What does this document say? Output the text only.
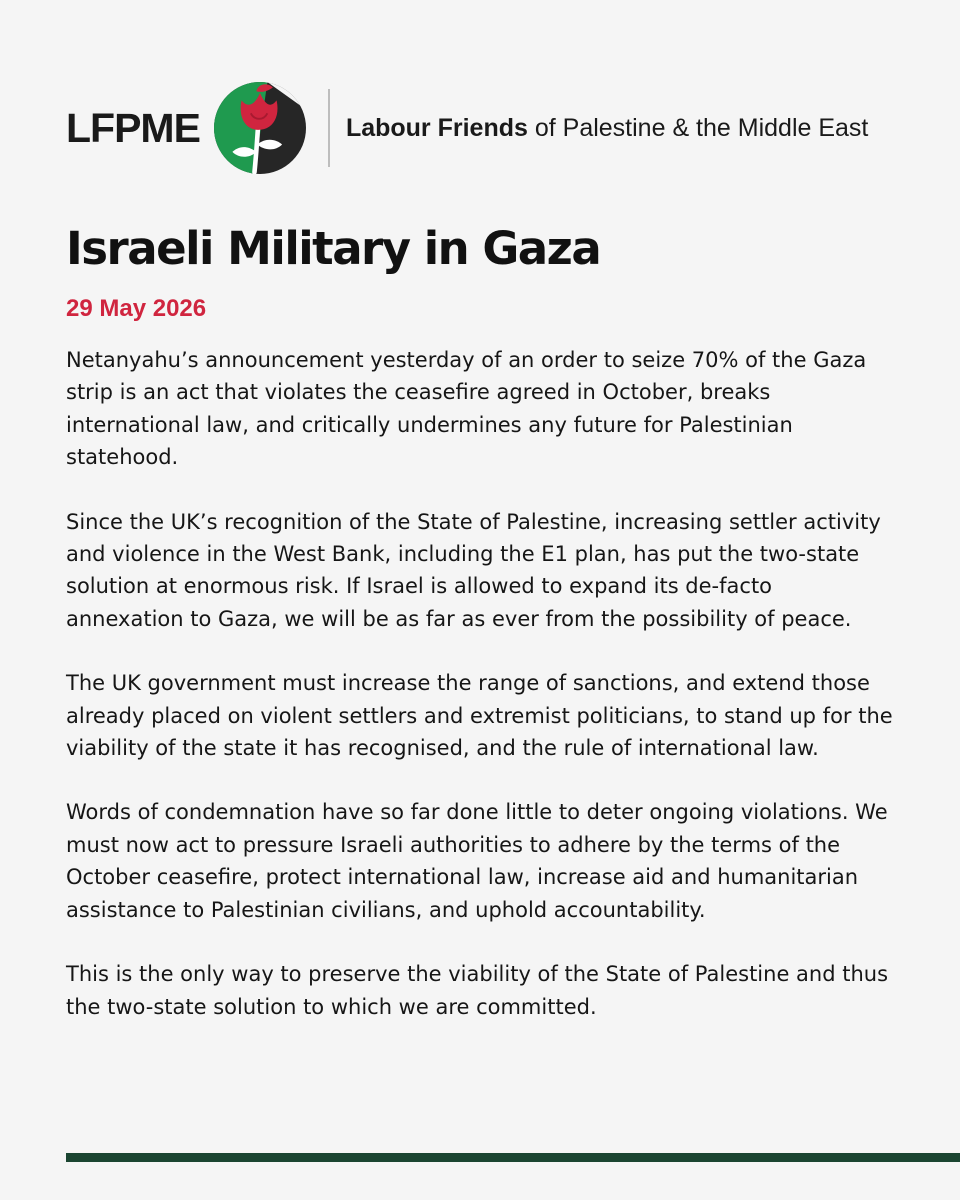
LFPME	Labour Friends of Palestine & the Middle East
Israeli Military in Gaza
29 May 2026

Netanyahu’s announcement yesterday of an order to seize 70% of the Gaza strip is an act that violates the ceasefire agreed in October, breaks international law, and critically undermines any future for Palestinian statehood.

Since the UK’s recognition of the State of Palestine, increasing settler activity and violence in the West Bank, including the E1 plan, has put the two-state solution at enormous risk. If Israel is allowed to expand its de-facto annexation to Gaza, we will be as far as ever from the possibility of peace.

The UK government must increase the range of sanctions, and extend those already placed on violent settlers and extremist politicians, to stand up for the viability of the state it has recognised, and the rule of international law.

Words of condemnation have so far done little to deter ongoing violations. We must now act to pressure Israeli authorities to adhere by the terms of the October ceasefire, protect international law, increase aid and humanitarian assistance to Palestinian civilians, and uphold accountability.

This is the only way to preserve the viability of the State of Palestine and thus the two-state solution to which we are committed.
